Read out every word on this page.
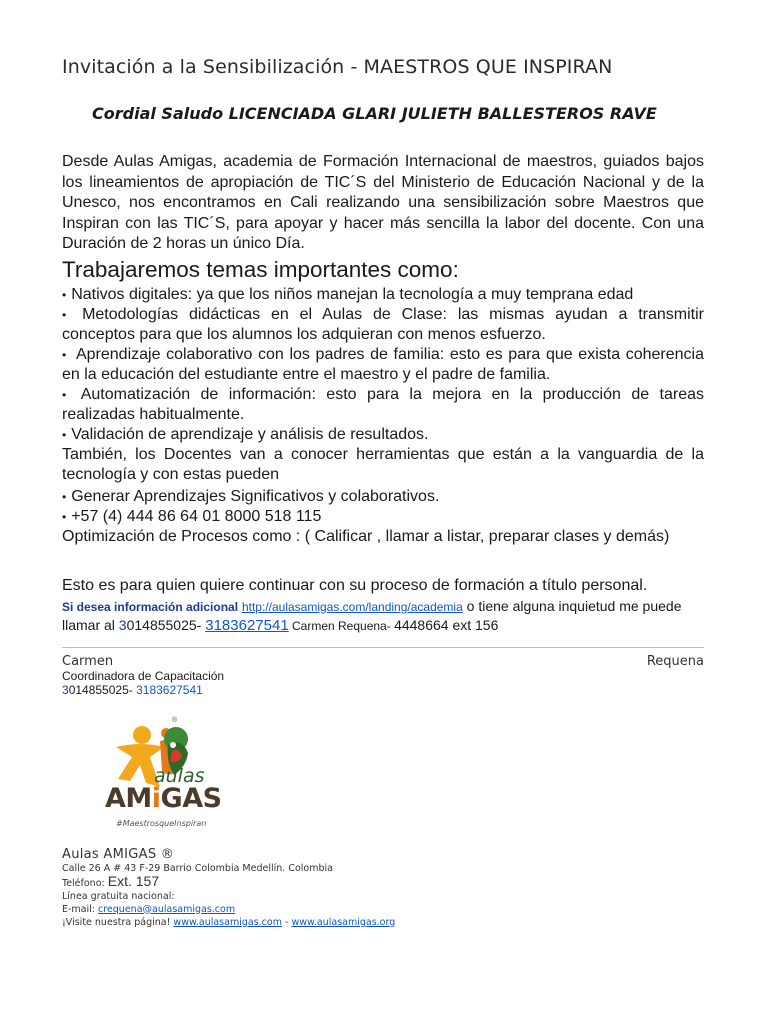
Invitación a la Sensibilización - MAESTROS QUE INSPIRAN
Cordial Saludo LICENCIADA GLARI JULIETH BALLESTEROS RAVE
Desde Aulas Amigas, academia de Formación Internacional de maestros, guiados bajos los lineamientos de apropiación de TIC´S del Ministerio de Educación Nacional y de la Unesco, nos encontramos en Cali realizando una sensibilización sobre Maestros que Inspiran con las TIC´S, para apoyar y hacer más sencilla la labor del docente. Con una Duración de 2 horas un único Día.
Trabajaremos temas importantes como:
• Nativos digitales: ya que los niños manejan la tecnología a muy temprana edad
• Metodologías didácticas en el Aulas de Clase: las mismas ayudan a transmitir conceptos para que los alumnos los adquieran con menos esfuerzo.
• Aprendizaje colaborativo con los padres de familia: esto es para que exista coherencia en la educación del estudiante entre el maestro y el padre de familia.
• Automatización de información: esto para la mejora en la producción de tareas realizadas habitualmente.
• Validación de aprendizaje y análisis de resultados.
También, los Docentes van a conocer herramientas que están a la vanguardia de la tecnología y con estas pueden
• Generar Aprendizajes Significativos y colaborativos.
• +57 (4) 444 86 64 01 8000 518 115
Optimización de Procesos como : ( Calificar , llamar a listar, preparar clases y demás)
Esto es para quien quiere continuar con su proceso de formación a título personal.
Si desea información adicional http://aulasamigas.com/landing/academia o tiene alguna inquietud me puede llamar al 3014855025- 3183627541 Carmen Requena- 4448664 ext 156
Carmen	Requena
Coordinadora de Capacitación
3014855025- 3183627541
®
aulas
AMiGAS
#MaestrosqueInspiran
Aulas AMIGAS ®
Calle 26 A # 43 F-29 Barrio Colombia Medellín. Colombia
Teléfono: Ext. 157
Línea gratuita nacional:
E-mail: crequena@aulasamigas.com
¡Visite nuestra página! www.aulasamigas.com - www.aulasamigas.org
